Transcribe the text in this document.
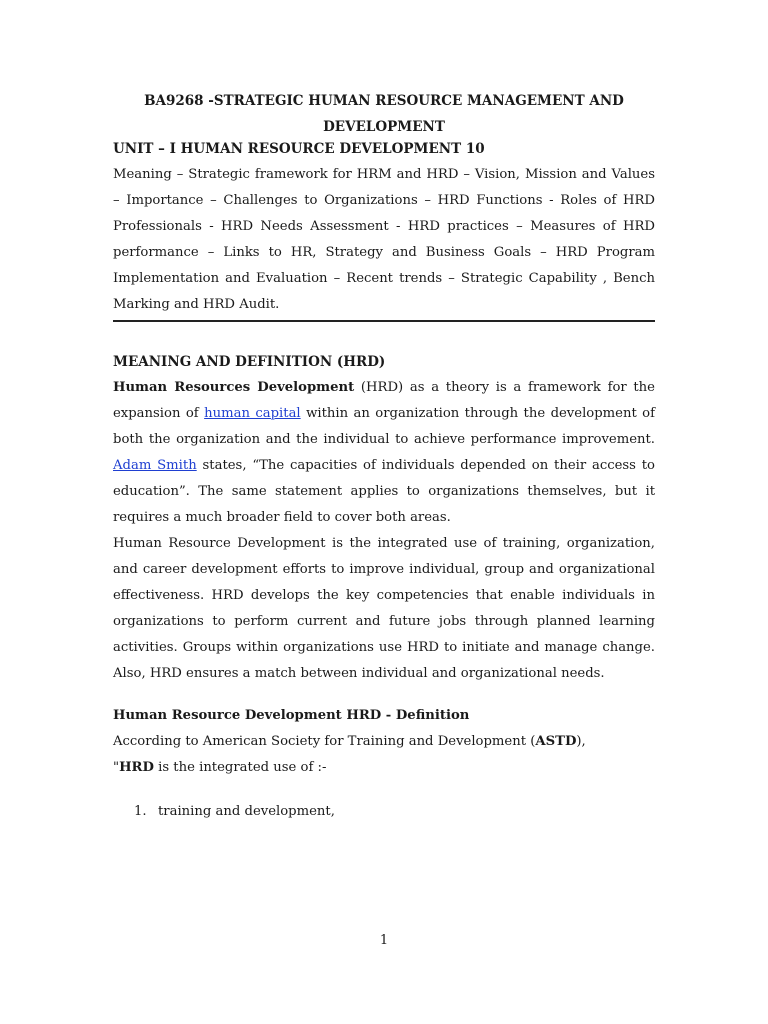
BA9268 -STRATEGIC HUMAN RESOURCE MANAGEMENT AND
DEVELOPMENT

UNIT – I HUMAN RESOURCE DEVELOPMENT 10

Meaning – Strategic framework for HRM and HRD – Vision, Mission and Values – Importance – Challenges to Organizations – HRD Functions - Roles of HRD Professionals - HRD Needs Assessment - HRD practices – Measures of HRD performance – Links to HR, Strategy and Business Goals – HRD Program Implementation and Evaluation – Recent trends – Strategic Capability , Bench Marking and HRD Audit.

MEANING AND DEFINITION (HRD)

Human Resources Development (HRD) as a theory is a framework for the expansion of human capital within an organization through the development of both the organization and the individual to achieve performance improvement. Adam Smith states, “The capacities of individuals depended on their access to education”. The same statement applies to organizations themselves, but it requires a much broader field to cover both areas.

Human Resource Development is the integrated use of training, organization, and career development efforts to improve individual, group and organizational effectiveness. HRD develops the key competencies that enable individuals in organizations to perform current and future jobs through planned learning activities. Groups within organizations use HRD to initiate and manage change. Also, HRD ensures a match between individual and organizational needs.

Human Resource Development HRD - Definition

According to American Society for Training and Development (ASTD),

"HRD is the integrated use of :-

1. training and development,
1
